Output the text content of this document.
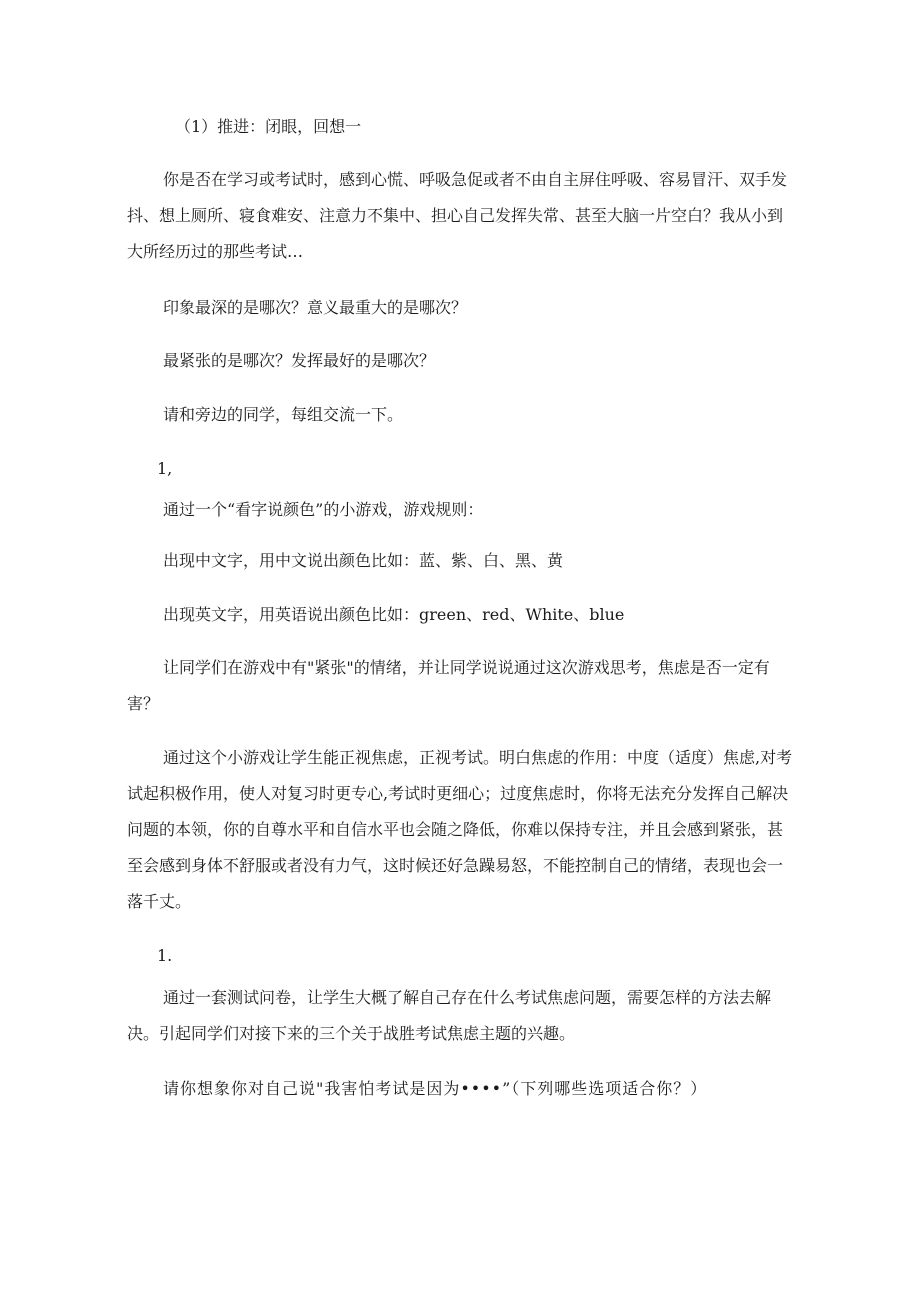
（1）推进：闭眼，回想一
你是否在学习或考试时，感到心慌、呼吸急促或者不由自主屏住呼吸、容易冒汗、双手发抖、想上厕所、寝食难安、注意力不集中、担心自己发挥失常、甚至大脑一片空白？我从小到大所经历过的那些考试…
印象最深的是哪次？意义最重大的是哪次？
最紧张的是哪次？发挥最好的是哪次？
请和旁边的同学，每组交流一下。
1,
通过一个“看字说颜色”的小游戏，游戏规则：
出现中文字，用中文说出颜色比如：蓝、紫、白、黑、黄
出现英文字，用英语说出颜色比如：green、red、White、blue
让同学们在游戏中有"紧张"的情绪，并让同学说说通过这次游戏思考，焦虑是否一定有害？
通过这个小游戏让学生能正视焦虑，正视考试。明白焦虑的作用：中度（适度）焦虑,对考试起积极作用，使人对复习时更专心,考试时更细心；过度焦虑时，你将无法充分发挥自己解决问题的本领，你的自尊水平和自信水平也会随之降低，你难以保持专注，并且会感到紧张，甚至会感到身体不舒服或者没有力气，这时候还好急躁易怒，不能控制自己的情绪，表现也会一落千丈。
1.
通过一套测试问卷，让学生大概了解自己存在什么考试焦虑问题，需要怎样的方法去解决。引起同学们对接下来的三个关于战胜考试焦虑主题的兴趣。
请你想象你对自己说"我害怕考试是因为••••”（下列哪些选项适合你？）
